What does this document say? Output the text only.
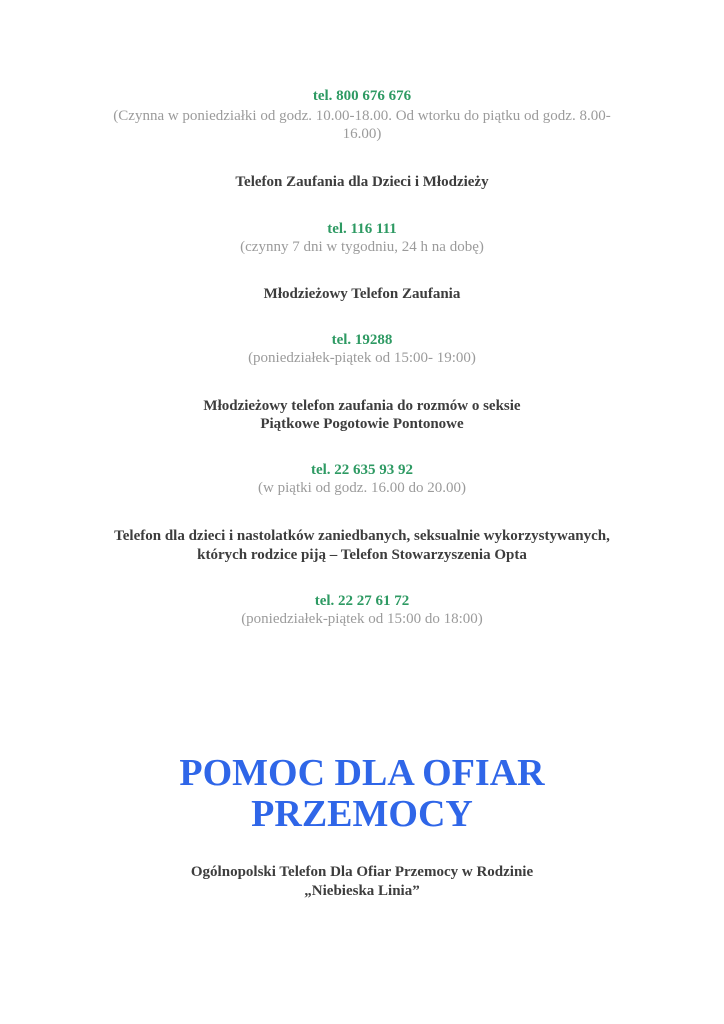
tel. 800 676 676
(Czynna w poniedziałki od godz. 10.00-18.00. Od wtorku do piątku od godz. 8.00-
16.00)
Telefon Zaufania dla Dzieci i Młodzieży
tel. 116 111
(czynny 7 dni w tygodniu, 24 h na dobę)
Młodzieżowy Telefon Zaufania
tel. 19288
(poniedziałek-piątek od 15:00- 19:00)
Młodzieżowy telefon zaufania do rozmów o seksie
Piątkowe Pogotowie Pontonowe
tel. 22 635 93 92
(w piątki od godz. 16.00 do 20.00)
Telefon dla dzieci i nastolatków zaniedbanych, seksualnie wykorzystywanych,
których rodzice piją – Telefon Stowarzyszenia Opta
tel. 22 27 61 72
(poniedziałek-piątek od 15:00 do 18:00)
POMOC DLA OFIAR
PRZEMOCY
Ogólnopolski Telefon Dla Ofiar Przemocy w Rodzinie
„Niebieska Linia”
